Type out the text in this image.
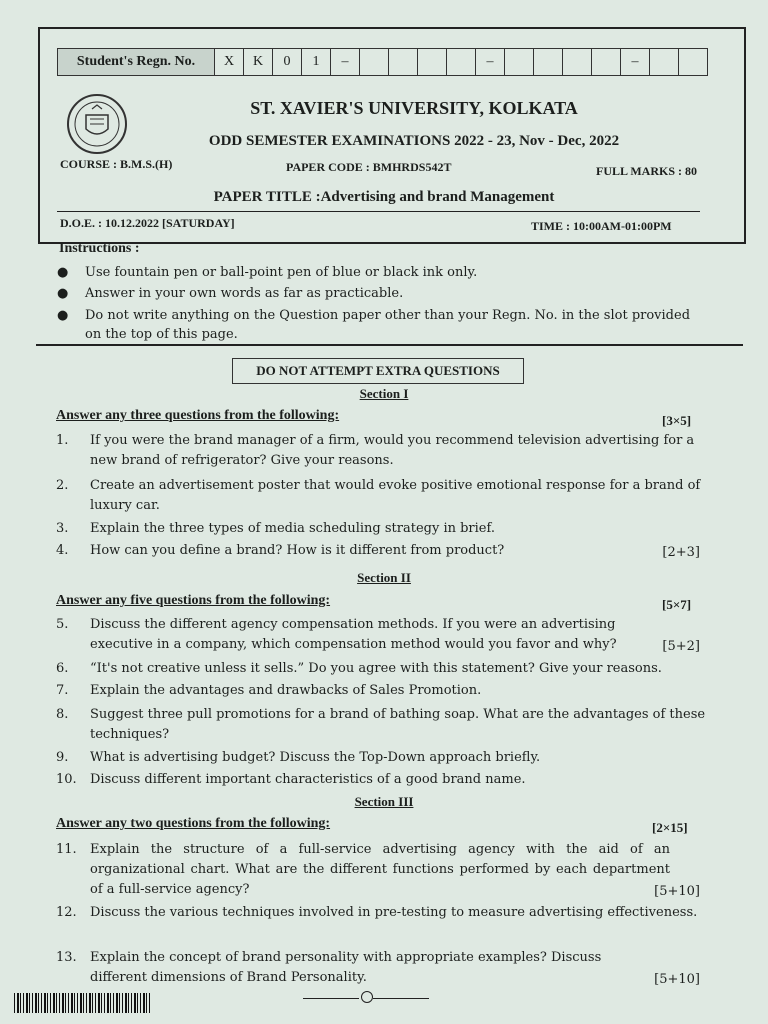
Student's Regn. No.	X	K	0	1	–	–	–
ST. XAVIER'S UNIVERSITY, KOLKATA
ODD SEMESTER EXAMINATIONS 2022 - 23, Nov - Dec, 2022
COURSE : B.M.S.(H)	PAPER CODE : BMHRDS542T	FULL MARKS : 80
PAPER TITLE :Advertising and brand Management
D.O.E. : 10.12.2022 [SATURDAY]	TIME : 10:00AM-01:00PM
Instructions :
● Use fountain pen or ball-point pen of blue or black ink only.
● Answer in your own words as far as practicable.
● Do not write anything on the Question paper other than your Regn. No. in the slot provided on the top of this page.
DO NOT ATTEMPT EXTRA QUESTIONS
Section I
Answer any three questions from the following:	[3×5]
1. If you were the brand manager of a firm, would you recommend television advertising for a new brand of refrigerator? Give your reasons.
2. Create an advertisement poster that would evoke positive emotional response for a brand of luxury car.
3. Explain the three types of media scheduling strategy in brief.
4. How can you define a brand? How is it different from product?	[2+3]
Section II
Answer any five questions from the following:	[5×7]
5. Discuss the different agency compensation methods. If you were an advertising executive in a company, which compensation method would you favor and why?	[5+2]
6. “It's not creative unless it sells.” Do you agree with this statement? Give your reasons.
7. Explain the advantages and drawbacks of Sales Promotion.
8. Suggest three pull promotions for a brand of bathing soap. What are the advantages of these techniques?
9. What is advertising budget? Discuss the Top-Down approach briefly.
10. Discuss different important characteristics of a good brand name.
Section III
Answer any two questions from the following:	[2×15]
11. Explain the structure of a full-service advertising agency with the aid of an organizational chart. What are the different functions performed by each department of a full-service agency?	[5+10]
12. Discuss the various techniques involved in pre-testing to measure advertising effectiveness.
13. Explain the concept of brand personality with appropriate examples? Discuss different dimensions of Brand Personality.	[5+10]
